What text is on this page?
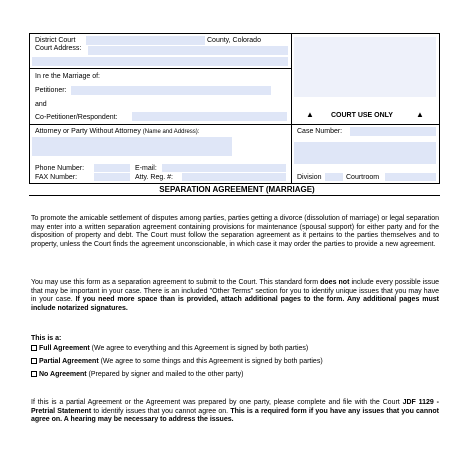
District Court	County, Colorado
Court Address:
In re the Marriage of:
Petitioner:
and
Co-Petitioner/Respondent:
Attorney or Party Without Attorney (Name and Address):
Phone Number:	E-mail:
FAX Number:	Atty. Reg. #:
▲ COURT USE ONLY	▲
Case Number:
Division	Courtroom
SEPARATION AGREEMENT (MARRIAGE)
To promote the amicable settlement of disputes among parties, parties getting a divorce (dissolution of marriage) or legal separation may enter into a written separation agreement containing provisions for maintenance (spousal support) for either party and for the disposition of property and debt. The Court must follow the separation agreement as it pertains to the parties themselves and to property, unless the Court finds the agreement unconscionable, in which case it may order the parties to provide a new agreement.
You may use this form as a separation agreement to submit to the Court. This standard form does not include every possible issue that may be important in your case. There is an included "Other Terms" section for you to identify unique issues that you may have in your case. If you need more space than is provided, attach additional pages to the form. Any additional pages must include notarized signatures.
This is a:
Full Agreement (We agree to everything and this Agreement is signed by both parties)
Partial Agreement (We agree to some things and this Agreement is signed by both parties)
No Agreement (Prepared by signer and mailed to the other party)
If this is a partial Agreement or the Agreement was prepared by one party, please complete and file with the Court JDF 1129 - Pretrial Statement to identify issues that you cannot agree on. This is a required form if you have any issues that you cannot agree on. A hearing may be necessary to address the issues.
